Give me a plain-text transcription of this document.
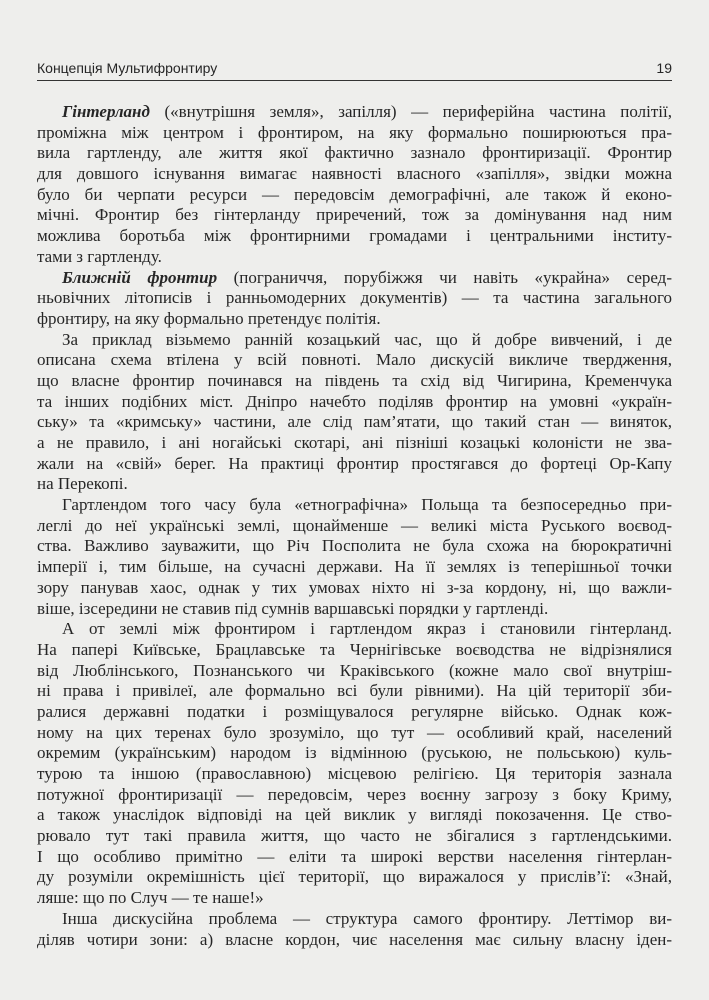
Концепція Мультифронтиру	19
Гінтерланд («внутрішня земля», запілля) — периферійна частина політії,
проміжна між центром і фронтиром, на яку формально поширюються пра-
вила гартленду, але життя якої фактично зазнало фронтиризації. Фронтир
для довшого існування вимагає наявності власного «запілля», звідки можна
було би черпати ресурси — передовсім демографічні, але також й еконо-
мічні. Фронтир без гінтерланду приречений, тож за домінування над ним
можлива боротьба між фронтирними громадами і центральними інститу-
тами з гартленду.
Ближній фронтир (пограниччя, порубіжжя чи навіть «украйна» серед-
ньовічних літописів і ранньомодерних документів) — та частина загального
фронтиру, на яку формально претендує політія.
За приклад візьмемо ранній козацький час, що й добре вивчений, і де
описана схема втілена у всій повноті. Мало дискусій викличе твердження,
що власне фронтир починався на південь та схід від Чигирина, Кременчука
та інших подібних міст. Дніпро начебто поділяв фронтир на умовні «україн-
ську» та «кримську» частини, але слід пам’ятати, що такий стан — виняток,
а не правило, і ані ногайські скотарі, ані пізніші козацькі колоністи не зва-
жали на «свій» берег. На практиці фронтир простягався до фортеці Ор-Капу
на Перекопі.
Гартлендом того часу була «етнографічна» Польща та безпосередньо при-
леглі до неї українські землі, щонайменше — великі міста Руського воєвод-
ства. Важливо зауважити, що Річ Посполита не була схожа на бюрократичні
імперії і, тим більше, на сучасні держави. На її землях із теперішньої точки
зору панував хаос, однак у тих умовах ніхто ні з-за кордону, ні, що важли-
віше, ізсередини не ставив під сумнів варшавські порядки у гартленді.
А от землі між фронтиром і гартлендом якраз і становили гінтерланд.
На папері Київське, Брацлавське та Чернігівське воєводства не відрізнялися
від Люблінського, Познанського чи Краківського (кожне мало свої внутріш-
ні права і привілеї, але формально всі були рівними). На цій території зби-
ралися державні податки і розміщувалося регулярне військо. Однак кож-
ному на цих теренах було зрозуміло, що тут — особливий край, населений
окремим (українським) народом із відмінною (руською, не польською) куль-
турою та іншою (православною) місцевою релігією. Ця територія зазнала
потужної фронтиризації — передовсім, через воєнну загрозу з боку Криму,
а також унаслідок відповіді на цей виклик у вигляді покозачення. Це ство-
рювало тут такі правила життя, що часто не збігалися з гартлендськими.
І що особливо примітно — еліти та широкі верстви населення гінтерлан-
ду розуміли окремішність цієї території, що виражалося у прислів’ї: «Знай,
ляше: що по Случ — те наше!»
Інша дискусійна проблема — структура самого фронтиру. Леттімор ви-
діляв чотири зони: а) власне кордон, чиє населення має сильну власну іден-
